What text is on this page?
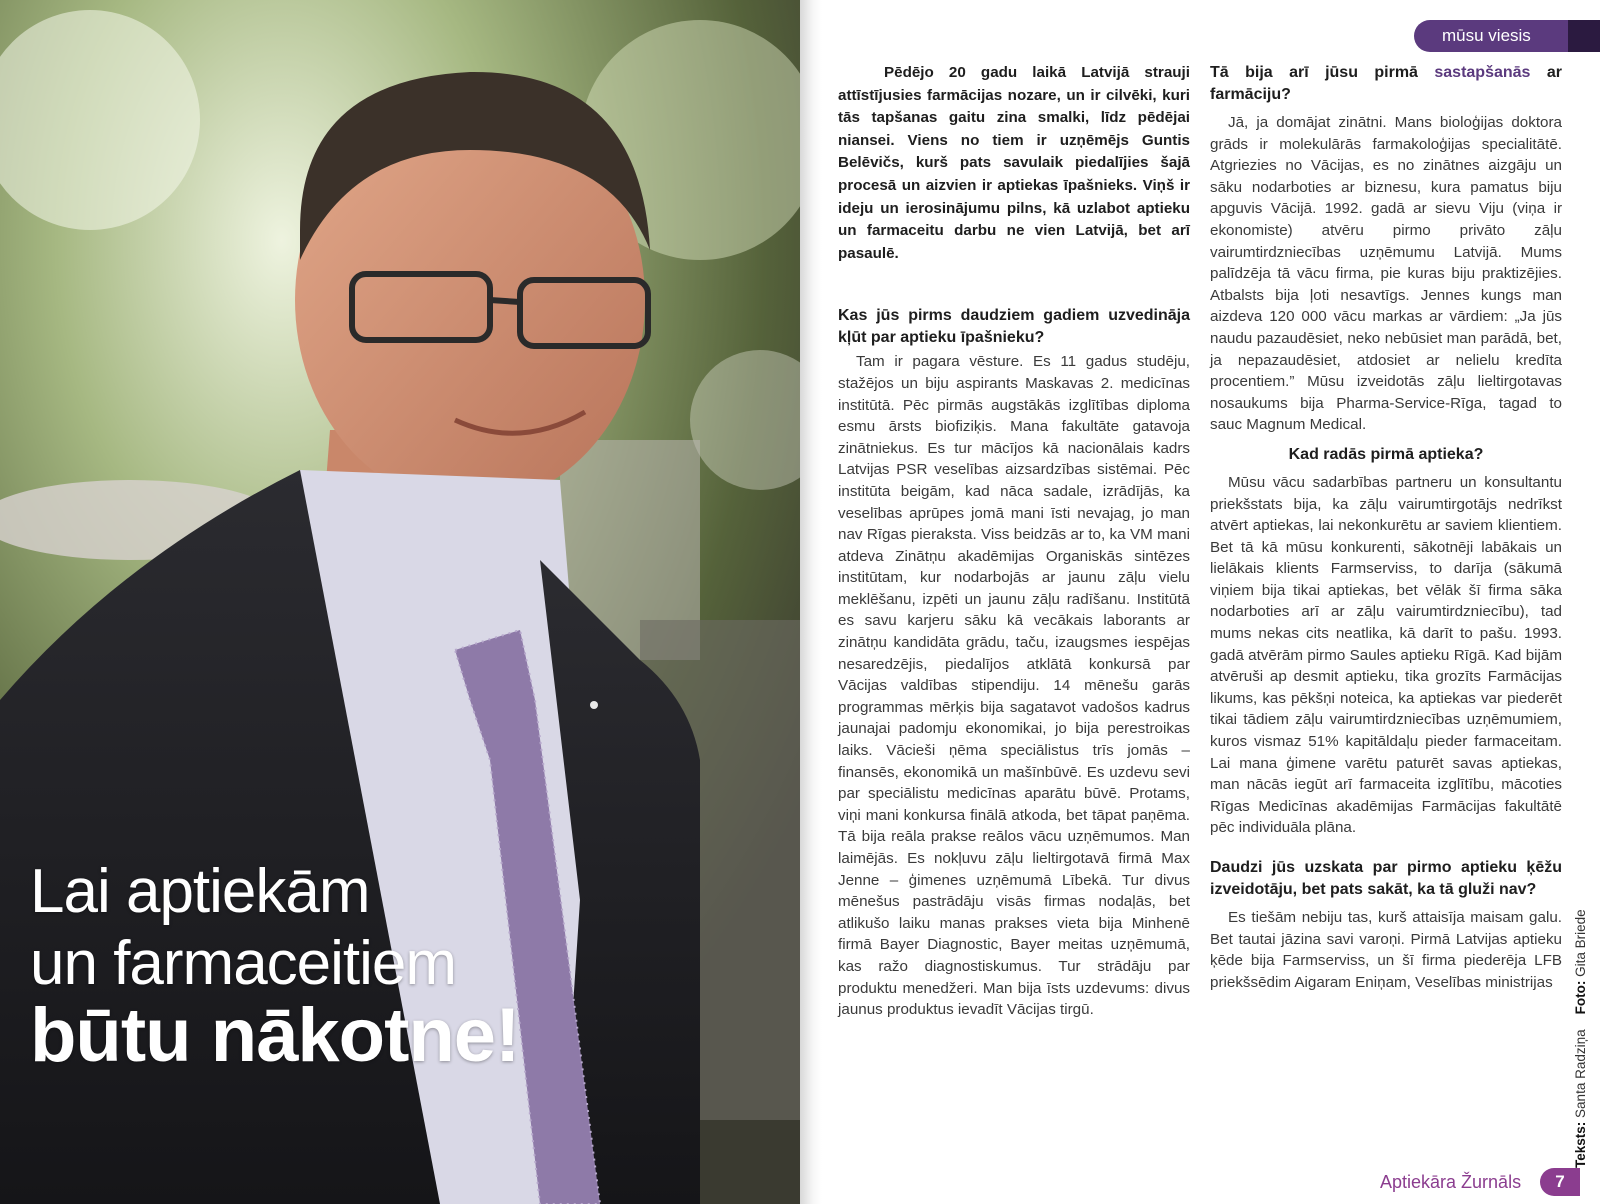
Lai aptiekām
un farmaceitiem
būtu nākotne!
mūsu viesis

Pēdējo 20 gadu laikā Latvijā strauji attīstījusies farmācijas nozare, un ir cilvēki, kuri tās tapšanas gaitu zina smalki, līdz pēdējai niansei. Viens no tiem ir uzņēmējs Guntis Belēvičs, kurš pats savulaik piedalījies šajā procesā un aizvien ir aptiekas īpašnieks. Viņš ir ideju un ierosinājumu pilns, kā uzlabot aptieku un farmaceitu darbu ne vien Latvijā, bet arī pasaulē.

Kas jūs pirms daudziem gadiem uzvedināja kļūt par aptieku īpašnieku?

Tam ir pagara vēsture. Es 11 gadus studēju, stažējos un biju aspirants Maskavas 2. medicīnas institūtā. Pēc pirmās augstākās izglītības diploma esmu ārsts biofiziķis. Mana fakultāte gatavoja zinātniekus. Es tur mācījos kā nacionālais kadrs Latvijas PSR veselības aizsardzības sistēmai. Pēc institūta beigām, kad nāca sadale, izrādījās, ka veselības aprūpes jomā mani īsti nevajag, jo man nav Rīgas pieraksta. Viss beidzās ar to, ka VM mani atdeva Zinātņu akadēmijas Organiskās sintēzes institūtam, kur nodarbojās ar jaunu zāļu vielu meklēšanu, izpēti un jaunu zāļu radīšanu. Institūtā es savu karjeru sāku kā vecākais laborants ar zinātņu kandidāta grādu, taču, izaugsmes iespējas nesaredzējis, piedalījos atklātā konkursā par Vācijas valdības stipendiju. 14 mēnešu garās programmas mērķis bija sagatavot vadošos kadrus jaunajai padomju ekonomikai, jo bija perestroikas laiks. Vācieši ņēma speciālistus trīs jomās – finansēs, ekonomikā un mašīnbūvē. Es uzdevu sevi par speciālistu medicīnas aparātu būvē. Protams, viņi mani konkursa finālā atkoda, bet tāpat paņēma. Tā bija reāla prakse reālos vācu uzņēmumos. Man laimējās. Es nokļuvu zāļu lieltirgotavā firmā Max Jenne – ģimenes uzņēmumā Lībekā. Tur divus mēnešus pastrādāju visās firmas nodaļās, bet atlikušo laiku manas prakses vieta bija Minhenē firmā Bayer Diagnostic, Bayer meitas uzņēmumā, kas ražo diagnostiskumus. Tur strādāju par produktu menedžeri. Man bija īsts uzdevums: divus jaunus produktus ievadīt Vācijas tirgū.

Tā bija arī jūsu pirmā sastapšanās ar farmāciju?

Jā, ja domājat zinātni. Mans bioloģijas doktora grāds ir molekulārās farmakoloģijas specialitātē. Atgriezies no Vācijas, es no zinātnes aizgāju un sāku nodarboties ar biznesu, kura pamatus biju apguvis Vācijā. 1992. gadā ar sievu Viju (viņa ir ekonomiste) atvēru pirmo privāto zāļu vairumtirdzniecības uzņēmumu Latvijā. Mums palīdzēja tā vācu firma, pie kuras biju praktizējies. Atbalsts bija ļoti nesavtīgs. Jennes kungs man aizdeva 120 000 vācu markas ar vārdiem: „Ja jūs naudu pazaudēsiet, neko nebūsiet man parādā, bet, ja nepazaudēsiet, atdosiet ar nelielu kredīta procentiem.” Mūsu izveidotās zāļu lieltirgotavas nosaukums bija Pharma-Service-Rīga, tagad to sauc Magnum Medical.

Kad radās pirmā aptieka?

Mūsu vācu sadarbības partneru un konsultantu priekšstats bija, ka zāļu vairumtirgotājs nedrīkst atvērt aptiekas, lai nekonkurētu ar saviem klientiem. Bet tā kā mūsu konkurenti, sākotnēji labākais un lielākais klients Farmserviss, to darīja (sākumā viņiem bija tikai aptiekas, bet vēlāk šī firma sāka nodarboties arī ar zāļu vairumtirdzniecību), tad mums nekas cits neatlika, kā darīt to pašu. 1993. gadā atvērām pirmo Saules aptieku Rīgā. Kad bijām atvēruši ap desmit aptieku, tika grozīts Farmācijas likums, kas pēkšņi noteica, ka aptiekas var piederēt tikai tādiem zāļu vairumtirdzniecības uzņēmumiem, kuros vismaz 51% kapitāldaļu pieder farmaceitam. Lai mana ģimene varētu paturēt savas aptiekas, man nācās iegūt arī farmaceita izglītību, mācoties Rīgas Medicīnas akadēmijas Farmācijas fakultātē pēc individuāla plāna.

Daudzi jūs uzskata par pirmo aptieku ķēžu izveidotāju, bet pats sakāt, ka tā gluži nav?

Es tiešām nebiju tas, kurš attaisīja maisam galu. Bet tautai jāzina savi varoņi. Pirmā Latvijas aptieku ķēde bija Farmserviss, un šī firma piederēja LFB priekšsēdim Aigaram Eniņam, Veselības ministrijas

Teksts: Santa Radziņa    Foto: Gita Briede
Aptiekāra Žurnāls	7
